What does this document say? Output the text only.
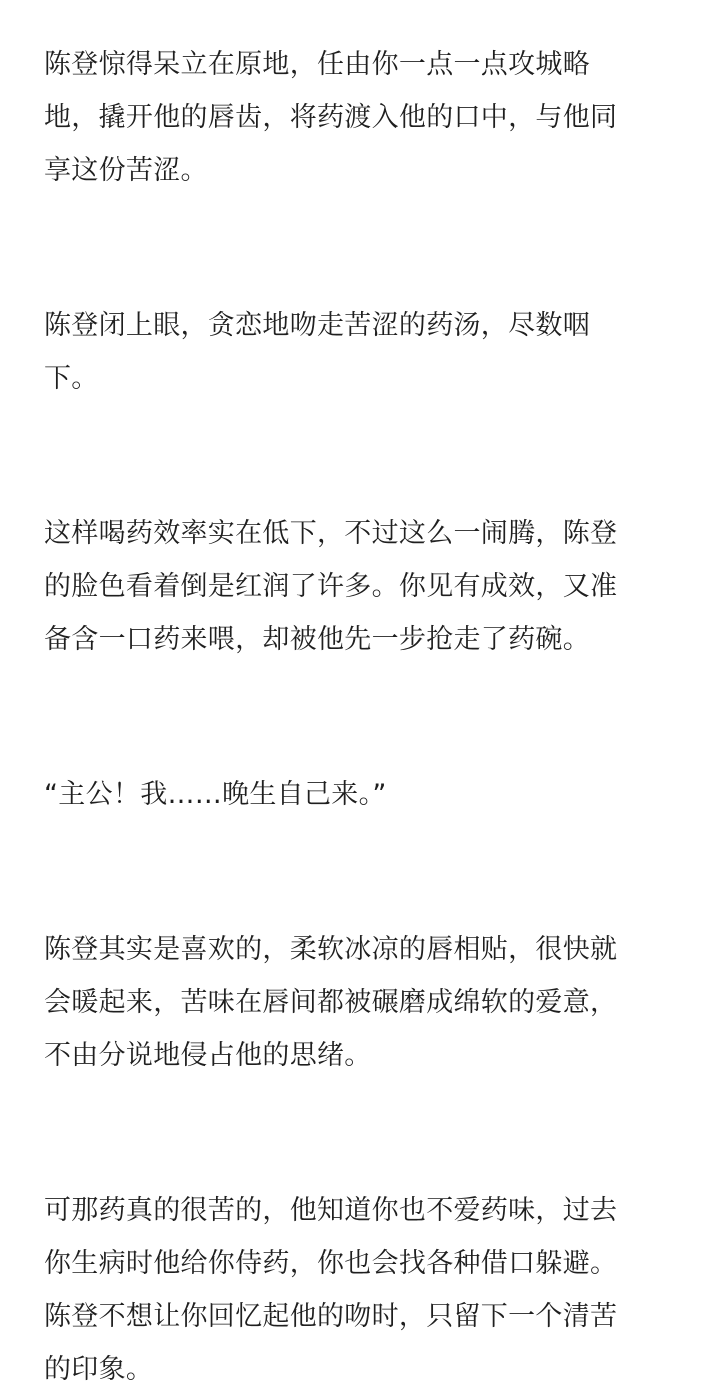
陈登惊得呆立在原地，任由你一点一点攻城略
地，撬开他的唇齿，将药渡入他的口中，与他同
享这份苦涩。

陈登闭上眼，贪恋地吻走苦涩的药汤，尽数咽
下。

这样喝药效率实在低下，不过这么一闹腾，陈登
的脸色看着倒是红润了许多。你见有成效，又准
备含一口药来喂，却被他先一步抢走了药碗。

“主公！我……晚生自己来。”

陈登其实是喜欢的，柔软冰凉的唇相贴，很快就
会暖起来，苦味在唇间都被碾磨成绵软的爱意，
不由分说地侵占他的思绪。

可那药真的很苦的，他知道你也不爱药味，过去
你生病时他给你侍药，你也会找各种借口躲避。
陈登不想让你回忆起他的吻时，只留下一个清苦
的印象。
